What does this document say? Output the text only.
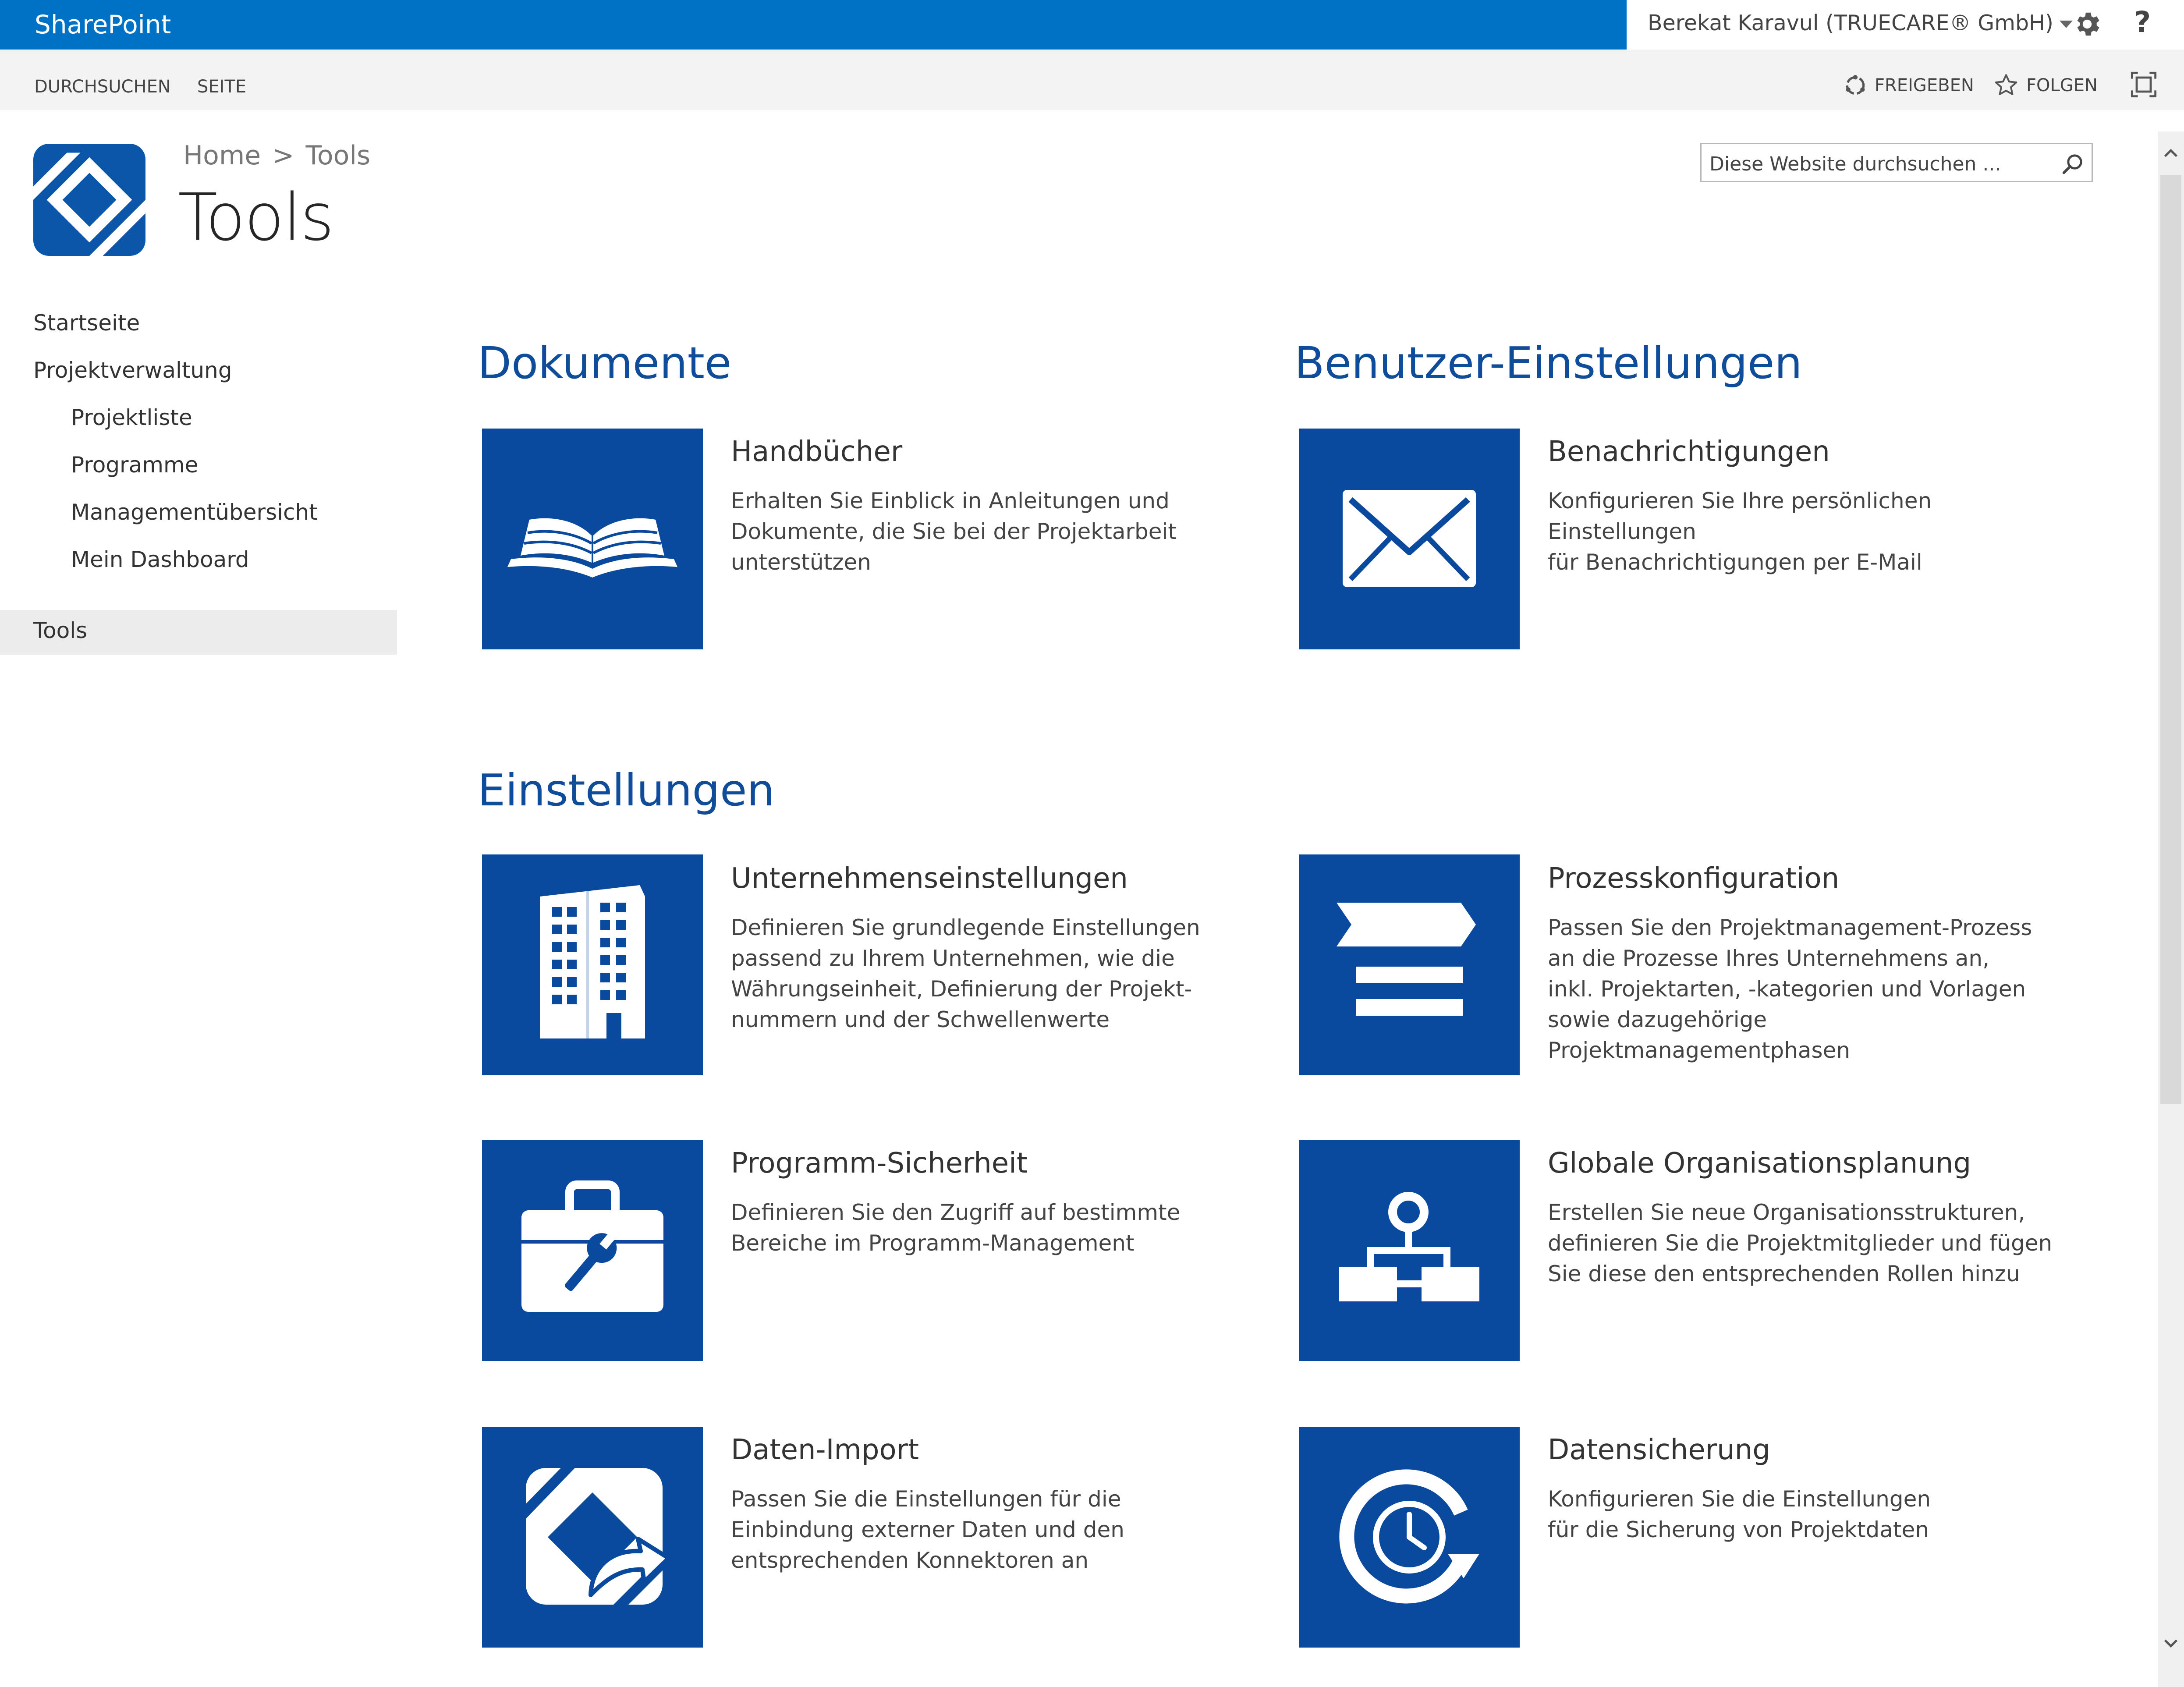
SharePoint	Berekat Karavul (TRUECARE® GmbH)	?
DURCHSUCHEN SEITE	FREIGEBEN	FOLGEN
Home > Tools
Tools
Diese Website durchsuchen ...
Startseite
Projektverwaltung
Projektliste
Programme
Managementübersicht
Mein Dashboard
Tools
Dokumente
Handbücher
Erhalten Sie Einblick in Anleitungen und
Dokumente, die Sie bei der Projektarbeit
unterstützen
Benutzer-Einstellungen
Benachrichtigungen
Konfigurieren Sie Ihre persönlichen Einstellungen
für Benachrichtigungen per E-Mail
Einstellungen
Unternehmenseinstellungen
Definieren Sie grundlegende Einstellungen
passend zu Ihrem Unternehmen, wie die
Währungseinheit, Definierung der Projekt-
nummern und der Schwellenwerte
Prozesskonfiguration
Passen Sie den Projektmanagement-Prozess
an die Prozesse Ihres Unternehmens an,
inkl. Projektarten, -kategorien und Vorlagen
sowie dazugehörige Projektmanagementphasen
Programm-Sicherheit
Definieren Sie den Zugriff auf bestimmte
Bereiche im Programm-Management
Globale Organisationsplanung
Erstellen Sie neue Organisationsstrukturen,
definieren Sie die Projektmitglieder und fügen
Sie diese den entsprechenden Rollen hinzu
Daten-Import
Passen Sie die Einstellungen für die
Einbindung externer Daten und den
entsprechenden Konnektoren an
Datensicherung
Konfigurieren Sie die Einstellungen
für die Sicherung von Projektdaten
